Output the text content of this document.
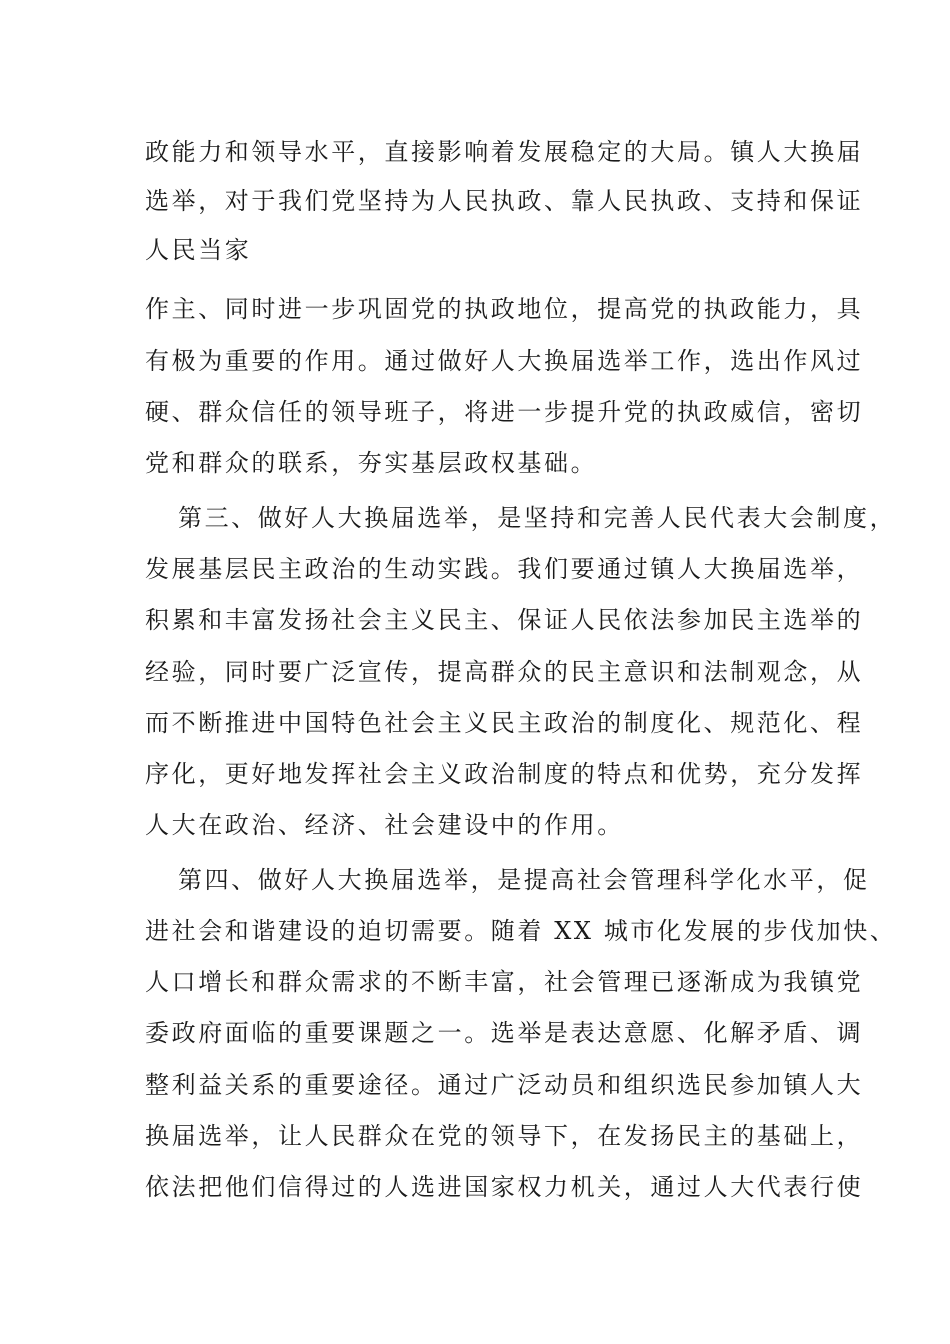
政能力和领导水平，直接影响着发展稳定的大局。镇人大换届
选举，对于我们党坚持为人民执政、靠人民执政、支持和保证
人民当家
作主、同时进一步巩固党的执政地位，提高党的执政能力，具
有极为重要的作用。通过做好人大换届选举工作，选出作风过
硬、群众信任的领导班子，将进一步提升党的执政威信，密切
党和群众的联系，夯实基层政权基础。
第三、做好人大换届选举，是坚持和完善人民代表大会制度，
发展基层民主政治的生动实践。我们要通过镇人大换届选举，
积累和丰富发扬社会主义民主、保证人民依法参加民主选举的
经验，同时要广泛宣传，提高群众的民主意识和法制观念，从
而不断推进中国特色社会主义民主政治的制度化、规范化、程
序化，更好地发挥社会主义政治制度的特点和优势，充分发挥
人大在政治、经济、社会建设中的作用。
第四、做好人大换届选举，是提高社会管理科学化水平，促
进社会和谐建设的迫切需要。随着 XX 城市化发展的步伐加快、
人口增长和群众需求的不断丰富，社会管理已逐渐成为我镇党
委政府面临的重要课题之一。选举是表达意愿、化解矛盾、调
整利益关系的重要途径。通过广泛动员和组织选民参加镇人大
换届选举，让人民群众在党的领导下，在发扬民主的基础上，
依法把他们信得过的人选进国家权力机关，通过人大代表行使
